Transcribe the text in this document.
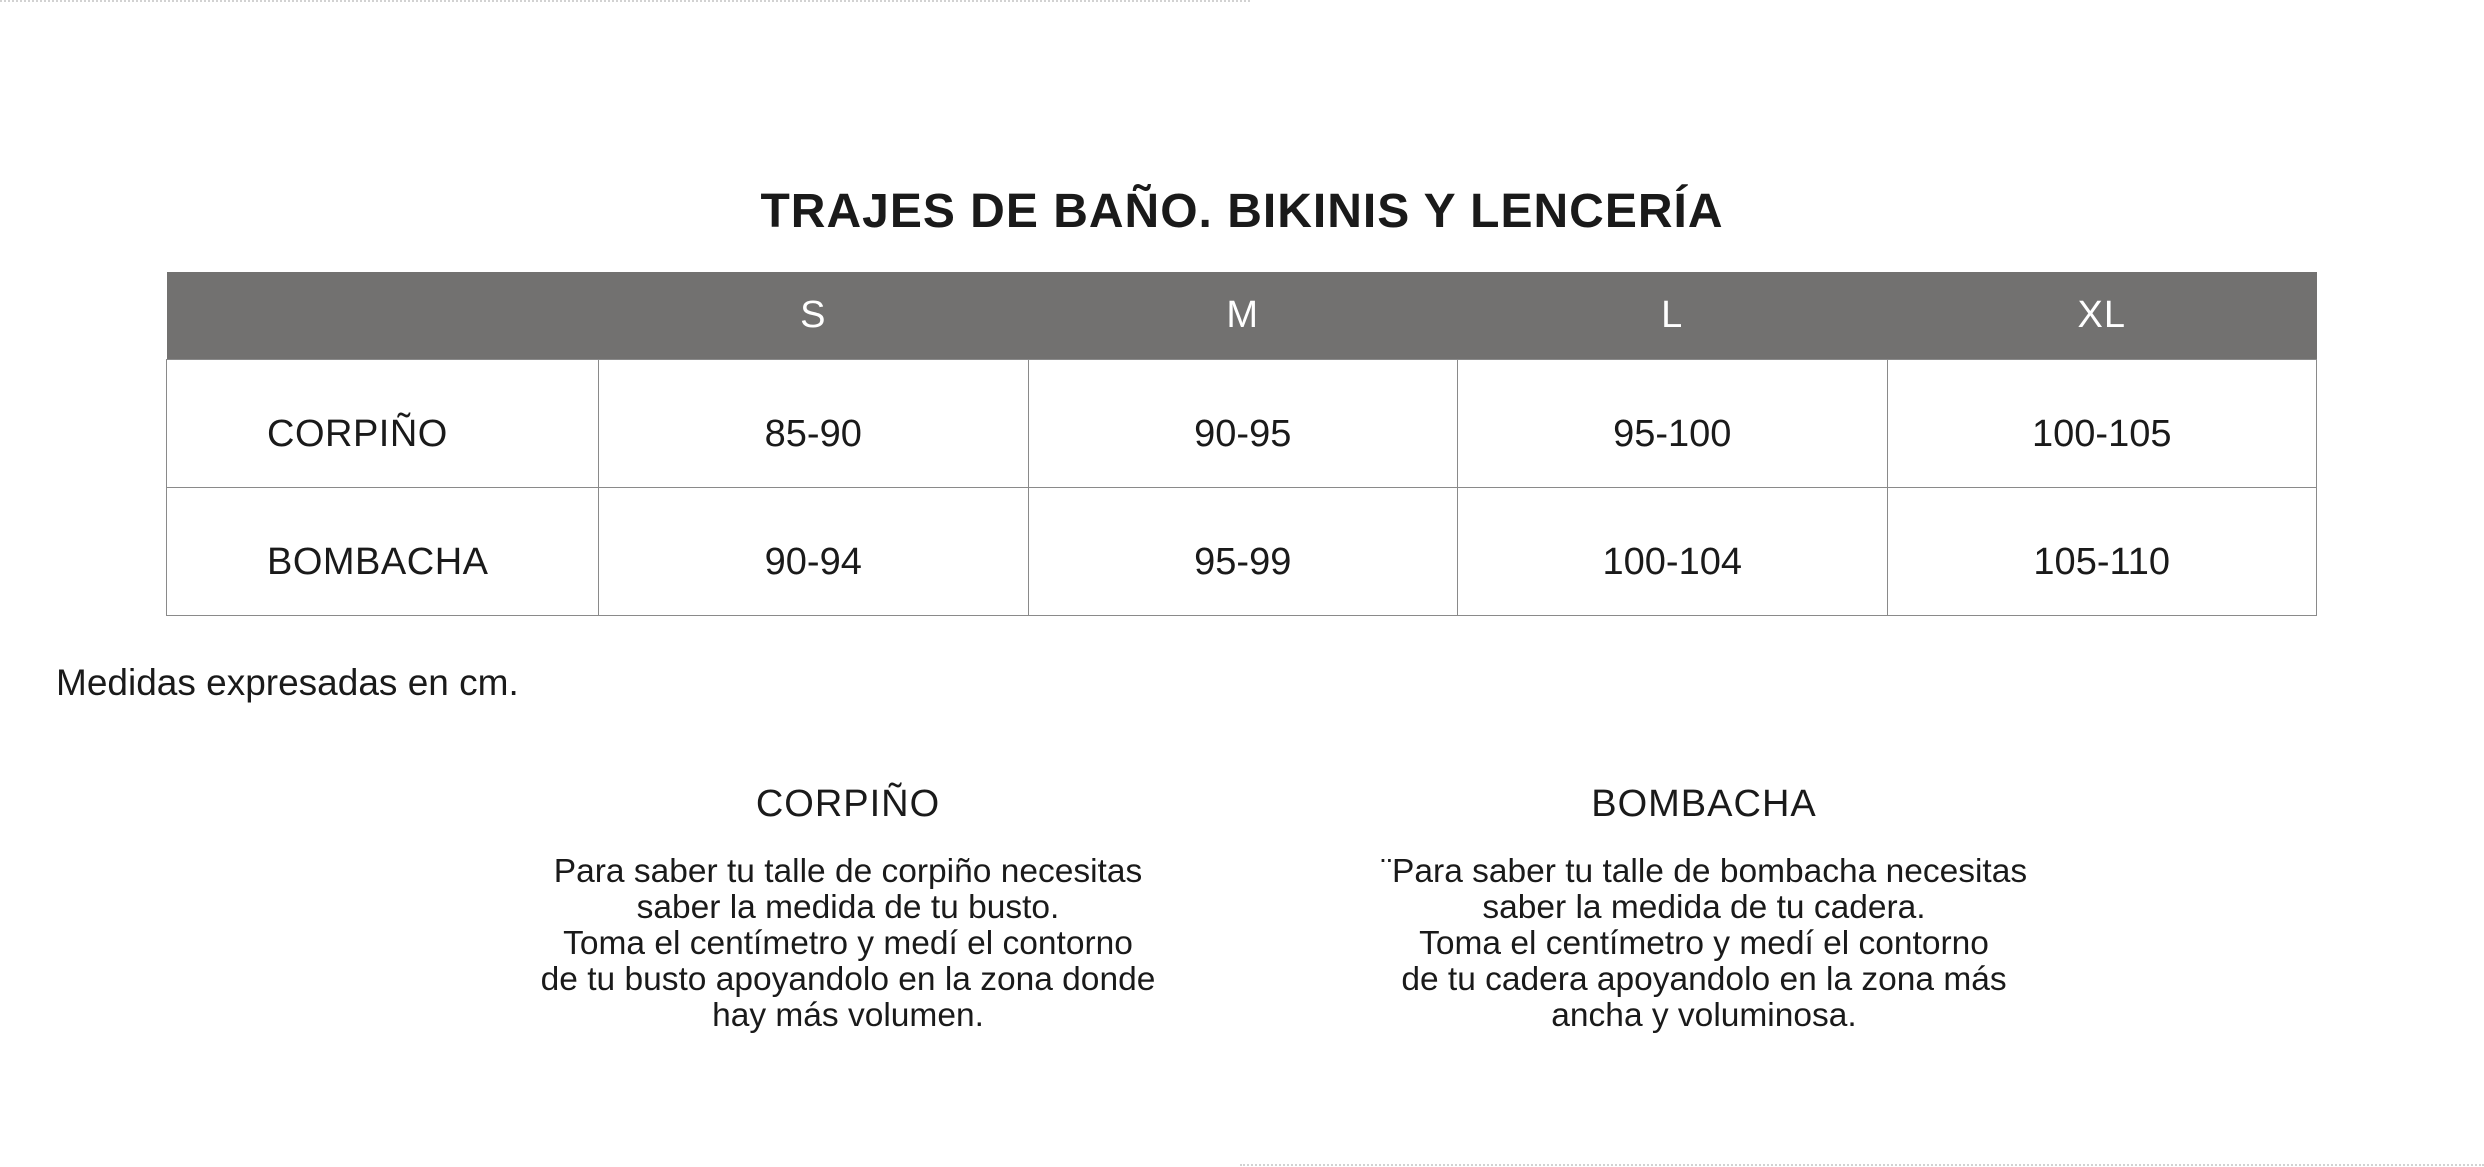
TRAJES DE BAÑO. BIKINIS Y LENCERÍA
	S	M	L	XL
CORPIÑO	85-90	90-95	95-100	100-105
BOMBACHA	90-94	95-99	100-104	105-110
Medidas expresadas en cm.
CORPIÑO

Para saber tu talle de corpiño necesitas

saber la medida de tu busto.

Toma el centímetro y medí el contorno

de tu busto apoyandolo en la zona donde

hay más volumen.

BOMBACHA

¨Para saber tu talle de bombacha necesitas

saber la medida de tu cadera.

Toma el centímetro y medí el contorno

de tu cadera apoyandolo en la zona más

ancha y voluminosa.
